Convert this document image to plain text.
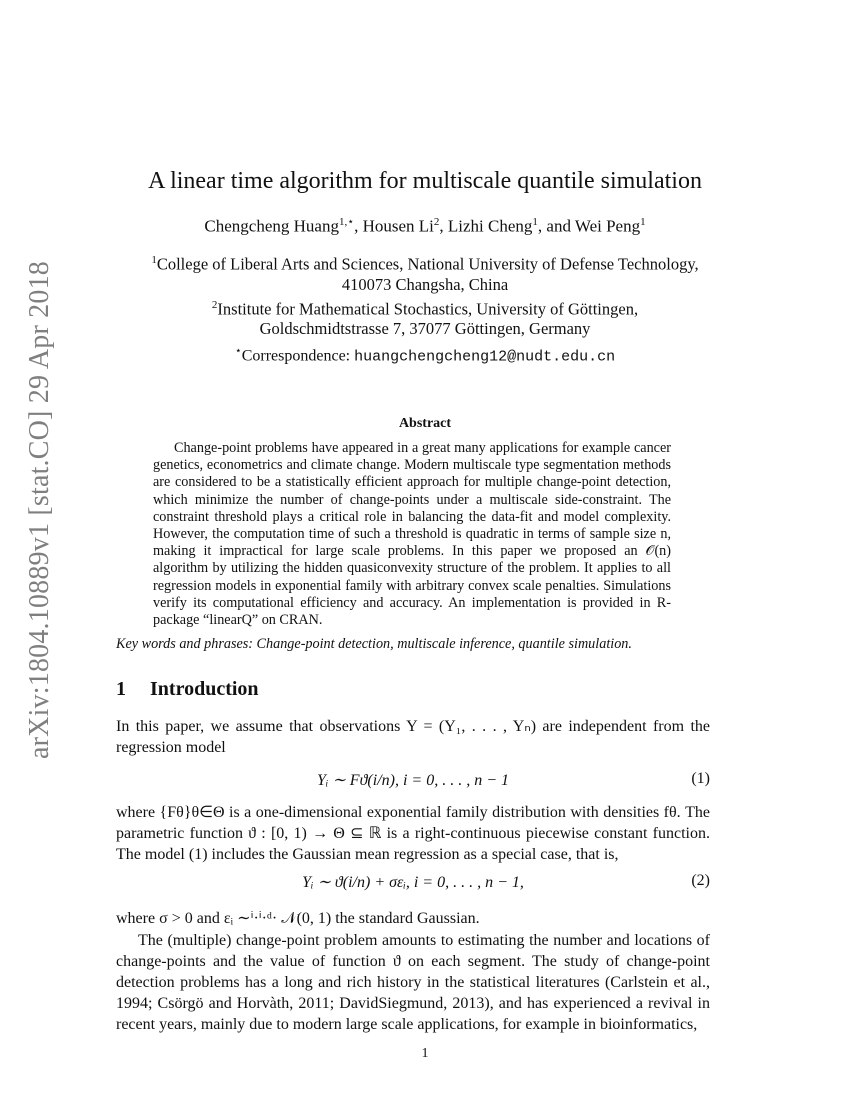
arXiv:1804.10889v1 [stat.CO] 29 Apr 2018
A linear time algorithm for multiscale quantile simulation
Chengcheng Huang$^{1,⋆}$, Housen Li$^2$, Lizhi Cheng$^1$, and Wei Peng$^1$
$^1$College of Liberal Arts and Sciences, National University of Defense Technology,
410073 Changsha, China
$^2$Institute for Mathematical Stochastics, University of Göttingen,
Goldschmidtstrasse 7, 37077 Göttingen, Germany
⋆Correspondence: huangchengcheng12@nudt.edu.cn
Abstract
Change-point problems have appeared in a great many applications for example cancer genetics, econometrics and climate change. Modern multiscale type segmentation methods are considered to be a statistically efficient approach for multiple change-point detection, which minimize the number of change-points under a multiscale side-constraint. The constraint threshold plays a critical role in balancing the data-fit and model complexity. However, the computation time of such a threshold is quadratic in terms of sample size n, making it impractical for large scale problems. In this paper we proposed an 𝒪(n) algorithm by utilizing the hidden quasiconvexity structure of the problem. It applies to all regression models in exponential family with arbitrary convex scale penalties. Simulations verify its computational efficiency and accuracy. An implementation is provided in R-package “linearQ” on CRAN.
Key words and phrases: Change-point detection, multiscale inference, quantile simulation.
1 Introduction
In this paper, we assume that observations Y = (Y₁, . . . , Yₙ) are independent from the regression model
Yᵢ ∼ Fϑ(i/n), i = 0, . . . , n − 1	(1)
where {Fθ}θ∈Θ is a one-dimensional exponential family distribution with densities fθ. The parametric function ϑ : [0, 1) → Θ ⊆ ℝ is a right-continuous piecewise constant function. The model (1) includes the Gaussian mean regression as a special case, that is,
Yᵢ ∼ ϑ(i/n) + σεᵢ, i = 0, . . . , n − 1,	(2)
where σ > 0 and εᵢ ∼ⁱ·ⁱ·ᵈ· 𝒩(0, 1) the standard Gaussian.
The (multiple) change-point problem amounts to estimating the number and locations of change-points and the value of function ϑ on each segment. The study of change-point detection problems has a long and rich history in the statistical literatures (Carlstein et al., 1994; Csörgö and Horvàth, 2011; DavidSiegmund, 2013), and has experienced a revival in recent years, mainly due to modern large scale applications, for example in bioinformatics,
1
